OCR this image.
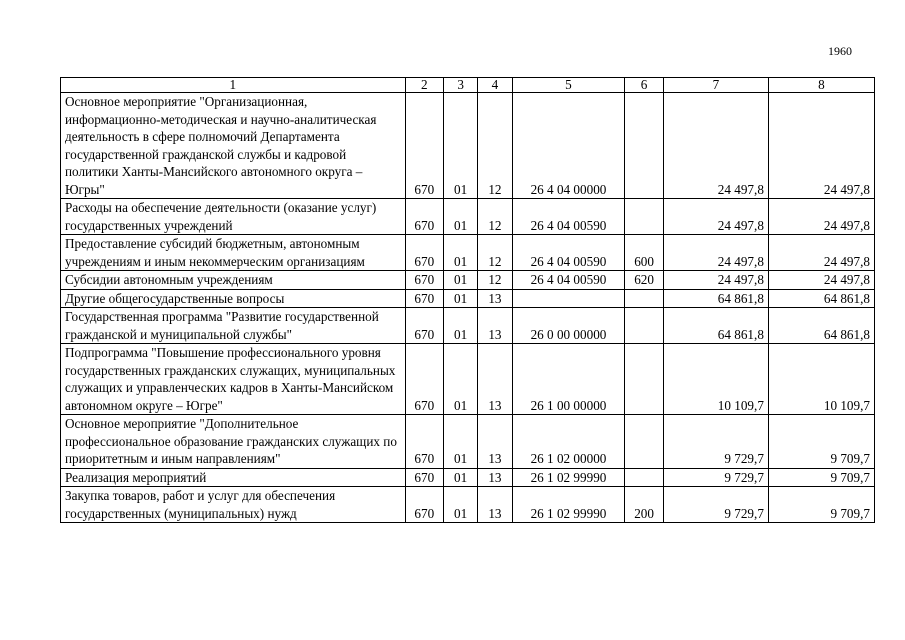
1960
1	2	3	4	5	6	7	8
Основное мероприятие "Организационная, информационно-методическая и научно-аналитическая деятельность в сфере полномочий Департамента государственной гражданской службы и кадровой политики Ханты-Мансийского автономного округа – Югры"	670	01	12	26 4 04 00000		24 497,8	24 497,8
Расходы на обеспечение деятельности (оказание услуг) государственных учреждений	670	01	12	26 4 04 00590		24 497,8	24 497,8
Предоставление субсидий бюджетным, автономным учреждениям и иным некоммерческим организациям	670	01	12	26 4 04 00590	600	24 497,8	24 497,8
Субсидии автономным учреждениям	670	01	12	26 4 04 00590	620	24 497,8	24 497,8
Другие общегосударственные вопросы	670	01	13			64 861,8	64 861,8
Государственная программа "Развитие государственной гражданской и муниципальной службы"	670	01	13	26 0 00 00000		64 861,8	64 861,8
Подпрограмма "Повышение профессионального уровня государственных гражданских служащих, муниципальных служащих и управленческих кадров в Ханты-Мансийском автономном округе – Югре"	670	01	13	26 1 00 00000		10 109,7	10 109,7
Основное мероприятие "Дополнительное профессиональное образование гражданских служащих по приоритетным и иным направлениям"	670	01	13	26 1 02 00000		9 729,7	9 709,7
Реализация мероприятий	670	01	13	26 1 02 99990		9 729,7	9 709,7
Закупка товаров, работ и услуг для обеспечения государственных (муниципальных) нужд	670	01	13	26 1 02 99990	200	9 729,7	9 709,7
